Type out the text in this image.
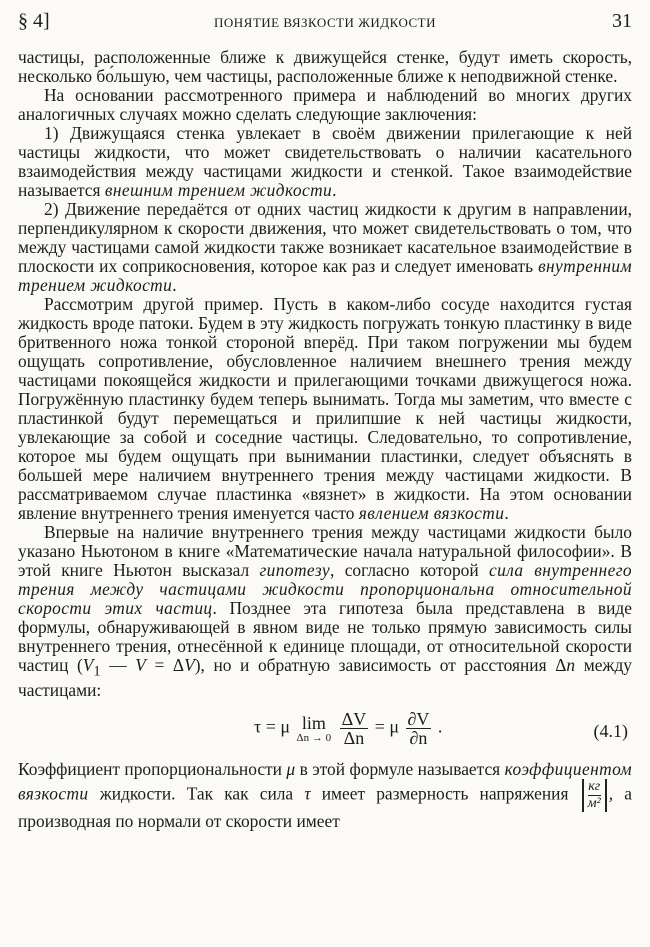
§ 4]	ПОНЯТИЕ ВЯЗКОСТИ ЖИДКОСТИ	31

частицы, расположенные ближе к движущейся стенке, будут иметь скорость, несколько бо́льшую, чем частицы, расположенные ближе к неподвижной стенке.

На основании рассмотренного примера и наблюдений во многих других аналогичных случаях можно сделать следующие заключения:

1) Движущаяся стенка увлекает в своём движении прилегающие к ней частицы жидкости, что может свидетельствовать о наличии касательного взаимодействия между частицами жидкости и стенкой. Такое взаимодействие называется внешним трением жидкости.

2) Движение передаётся от одних частиц жидкости к другим в направлении, перпендикулярном к скорости движения, что может свидетельствовать о том, что между частицами самой жидкости также возникает касательное взаимодействие в плоскости их соприкосновения, которое как раз и следует именовать внутренним трением жидкости.

Рассмотрим другой пример. Пусть в каком-либо сосуде находится густая жидкость вроде патоки. Будем в эту жидкость погружать тонкую пластинку в виде бритвенного ножа тонкой стороной вперёд. При таком погружении мы будем ощущать сопротивление, обусловленное наличием внешнего трения между частицами покоящейся жидкости и прилегающими точками движущегося ножа. Погружённую пластинку будем теперь вынимать. Тогда мы заметим, что вместе с пластинкой будут перемещаться и прилипшие к ней частицы жидкости, увлекающие за собой и соседние частицы. Следовательно, то сопротивление, которое мы будем ощущать при вынимании пластинки, следует объяснять в большей мере наличием внутреннего трения между частицами жидкости. В рассматриваемом случае пластинка «вязнет» в жидкости. На этом основании явление внутреннего трения именуется часто явлением вязкости.

Впервые на наличие внутреннего трения между частицами жидкости было указано Ньютоном в книге «Математические начала натуральной философии». В этой книге Ньютон высказал гипотезу, согласно которой сила внутреннего трения между частицами жидкости пропорциональна относительной скорости этих частиц. Позднее эта гипотеза была представлена в виде формулы, обнаруживающей в явном виде не только прямую зависимость силы внутреннего трения, отнесённой к единице площади, от относительной скорости частиц ($V_1$ — V = ΔV), но и обратную зависимость от расстояния Δn между частицами:

τ = μ lim
Δn → 0
$\frac{\Delta V}{\Delta n} = \mu \frac{\partial V}{\partial n}$ .	(4.1)

Коэффициент пропорциональности μ в этой формуле называется коэффициентом вязкости жидкости. Так как сила τ имеет размерность напряжения $\frac{кг}{\text{м²}}$ , а производная по нормали от скорости имеет
